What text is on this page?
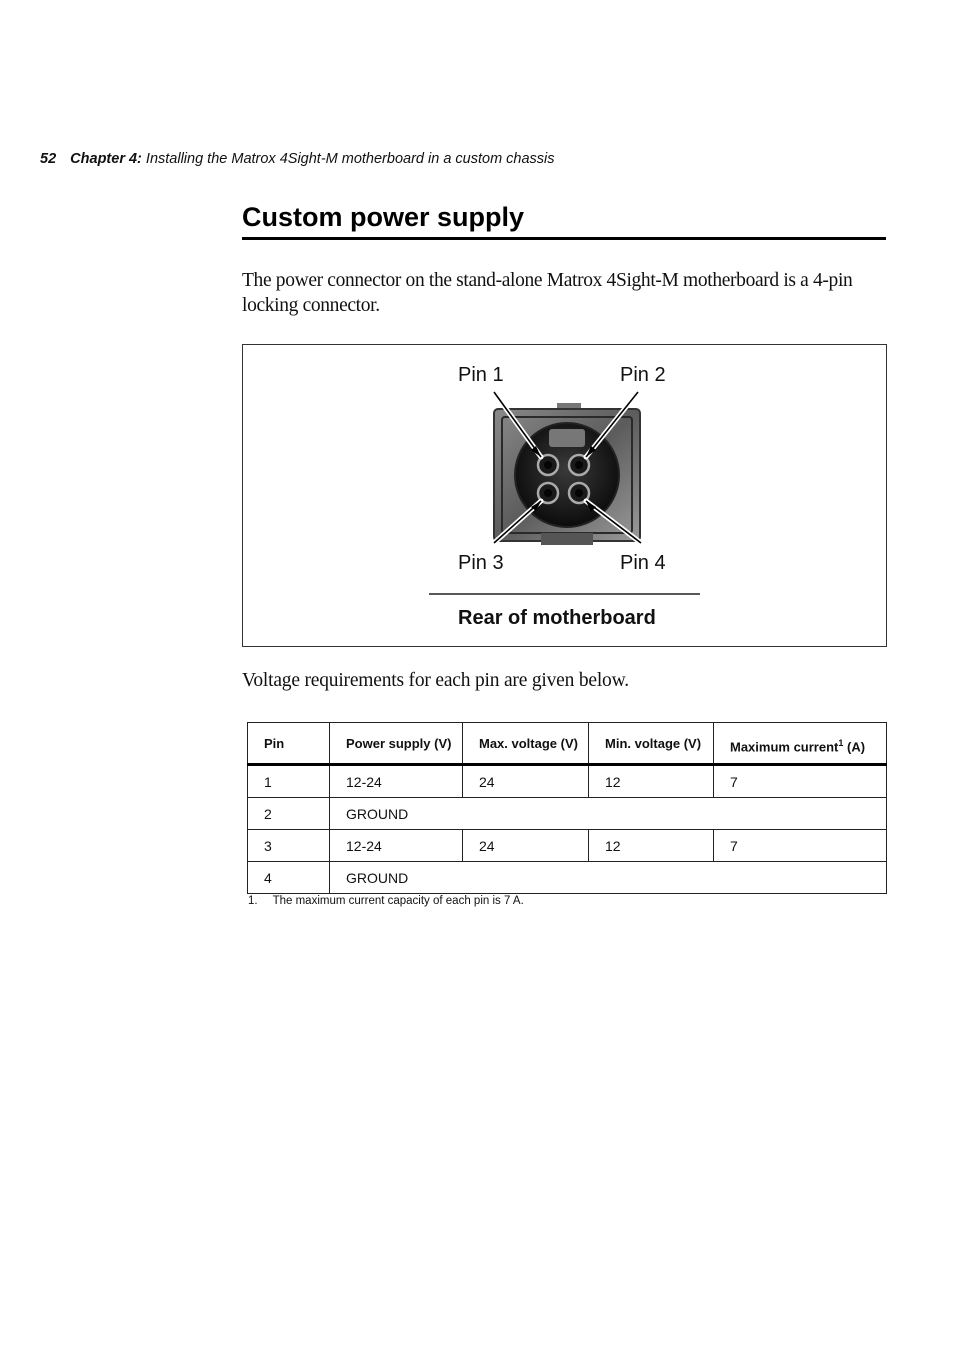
52 Chapter 4: Installing the Matrox 4Sight-M motherboard in a custom chassis
Custom power supply

The power connector on the stand-alone Matrox 4Sight-M motherboard is a 4-pin locking connector.

Pin 1	Pin 2
Pin 3	Pin 4
Rear of motherboard

Voltage requirements for each pin are given below.

Pin	Power supply (V)	Max. voltage (V)	Min. voltage (V)	Maximum current$^1$ (A)
1	12-24	24	12	7
2	GROUND			
3	12-24	24	12	7
4	GROUND			
1. The maximum current capacity of each pin is 7 A.
